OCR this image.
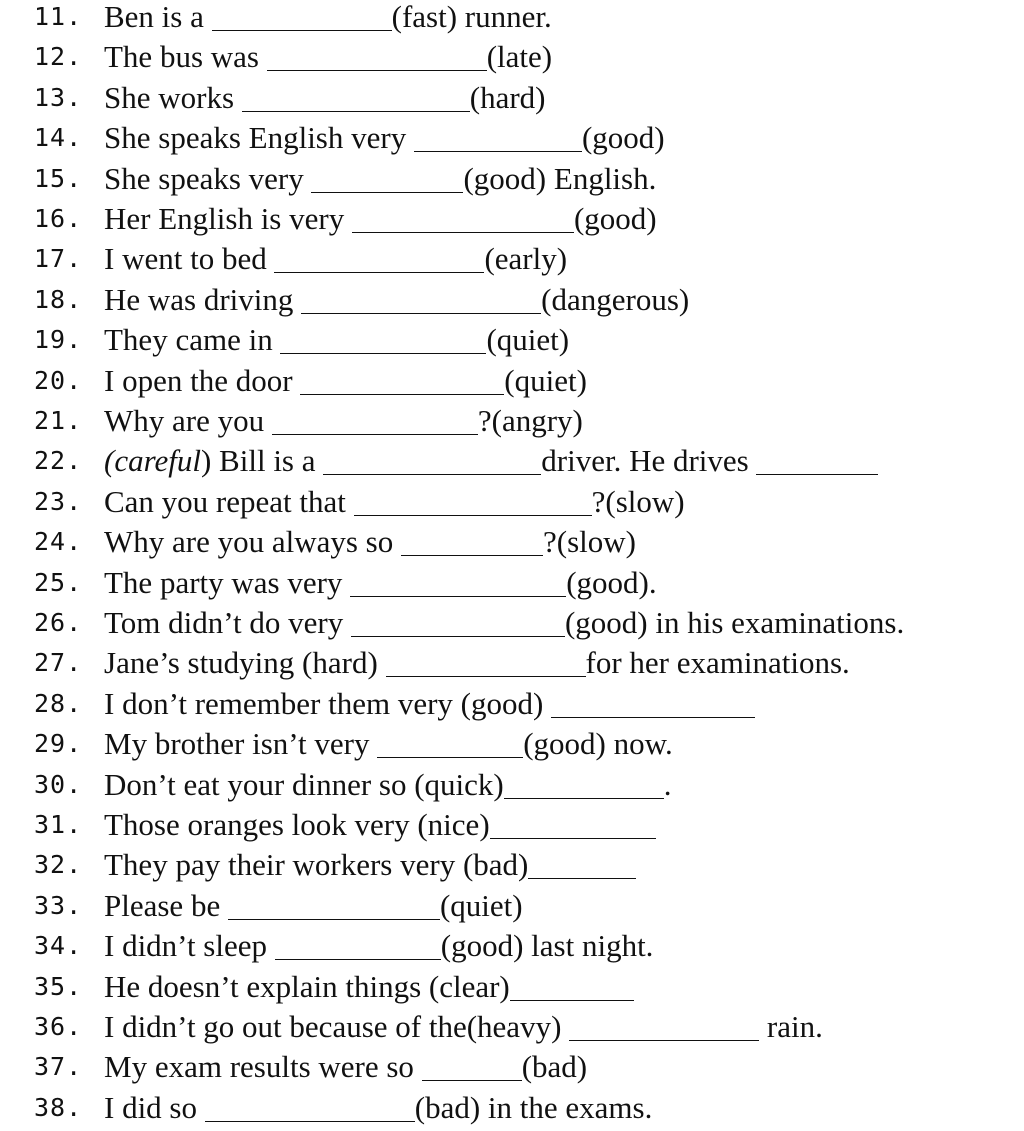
11. Ben is a	(fast) runner.
12. The bus was	(late)
13. She works	(hard)
14. She speaks English very	(good)
15. She speaks very	(good) English.
16. Her English is very	(good)
17. I went to bed	(early)
18. He was driving	(dangerous)
19. They came in	(quiet)
20. I open the door	(quiet)
21. Why are you	?(angry)
22. (careful) Bill is a	driver. He drives
23. Can you repeat that	?(slow)
24. Why are you always so	?(slow)
25. The party was very	(good).
26. Tom didn’t do very	(good) in his examinations.
27. Jane’s studying (hard)	for her examinations.
28. I don’t remember them very (good)
29. My brother isn’t very	(good) now.
30. Don’t eat your dinner so (quick)	.
31. Those oranges look very (nice)
32. They pay their workers very (bad)
33. Please be	(quiet)
34. I didn’t sleep	(good) last night.
35. He doesn’t explain things (clear)
36. I didn’t go out because of the(heavy)	rain.
37. My exam results were so	(bad)
38. I did so	(bad) in the exams.
